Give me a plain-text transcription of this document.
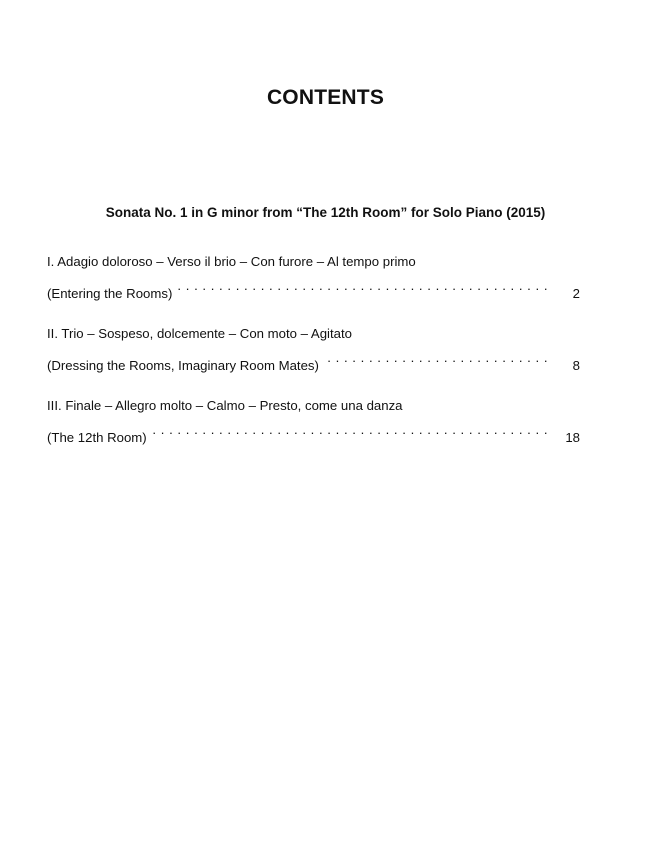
CONTENTS
Sonata No. 1 in G minor from “The 12th Room” for Solo Piano (2015)
I. Adagio doloroso – Verso il brio – Con furore – Al tempo primo
(Entering the Rooms) . . .	2
II. Trio – Sospeso, dolcemente – Con moto – Agitato
(Dressing the Rooms, Imaginary Room Mates) . . .	8
III. Finale – Allegro molto – Calmo – Presto, come una danza
(The 12th Room) . . .	18
